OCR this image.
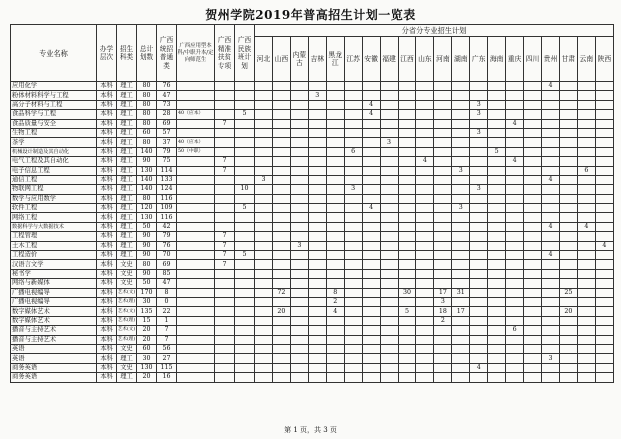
贺州学院2019年普高招生计划一览表
专业名称	办学层次	招生科类	总计划数	广西统招普通类	广西应用型本科/中职升本/定向师范生	广西精准扶贫专项	广西民族班计划	分省分专业招生计划																			
								河北	山西	内蒙古	吉林	黑龙江	江苏	安徽	福建	江西	山东	河南	湖南	广东	海南	重庆	四川	贵州	甘肃	云南	陕西
应用化学	本科	理工	80	76																				4			
粉体材料科学与工程	本科	理工	80	47							3																
高分子材料与工程	本科	理工	80	73										4						3							
食品科学与工程	本科	理工	80	28	40（应本）		5							4						3							
食品质量与安全	本科	理工	80	69		7																4					
生物工程	本科	理工	60	57																3							
茶学	本科	理工	80	37	40（应本）										3												
机械设计制造及其自动化	本科	理工	140	79	50（中职）								6								5						
电气工程及其自动化	本科	理工	90	75		7											4					4					
电子信息工程	本科	理工	130	114		7													3							6	
通信工程	本科	理工	140	133				3																4			
物联网工程	本科	理工	140	124			10						3							3							
数学与应用数学	本科	理工	80	116																							
软件工程	本科	理工	120	109			5							4					3								
网络工程	本科	理工	130	116																							
数据科学与大数据技术	本科	理工	50	42																				4		4	
工程管理	本科	理工	90	79		7																					
土木工程	本科	理工	90	76		7				3																	4
工程造价	本科	理工	90	70		7	5																	4			
汉语言文学	本科	文史	80	69		7																					
秘书学	本科	文史	90	85																							
网络与新媒体	本科	文史	50	47																							
广播电视编导	本科	艺术(文)	170	8					72			8				30		17	31						25		
广播电视编导	本科	艺术(理)	30	0								2						3									
数字媒体艺术	本科	艺术(文)	135	22					20			4				5		18	17						20		
数字媒体艺术	本科	艺术(理)	15	1														2									
播音与主持艺术	本科	艺术(文)	20	7																		6					
播音与主持艺术	本科	艺术(理)	20	7																							
英语	本科	文史	60	56																							
英语	本科	理工	30	27																				3			
商务英语	本科	文史	130	115																4							
商务英语	本科	理工	20	16																							
第 1 页，共 3 页
